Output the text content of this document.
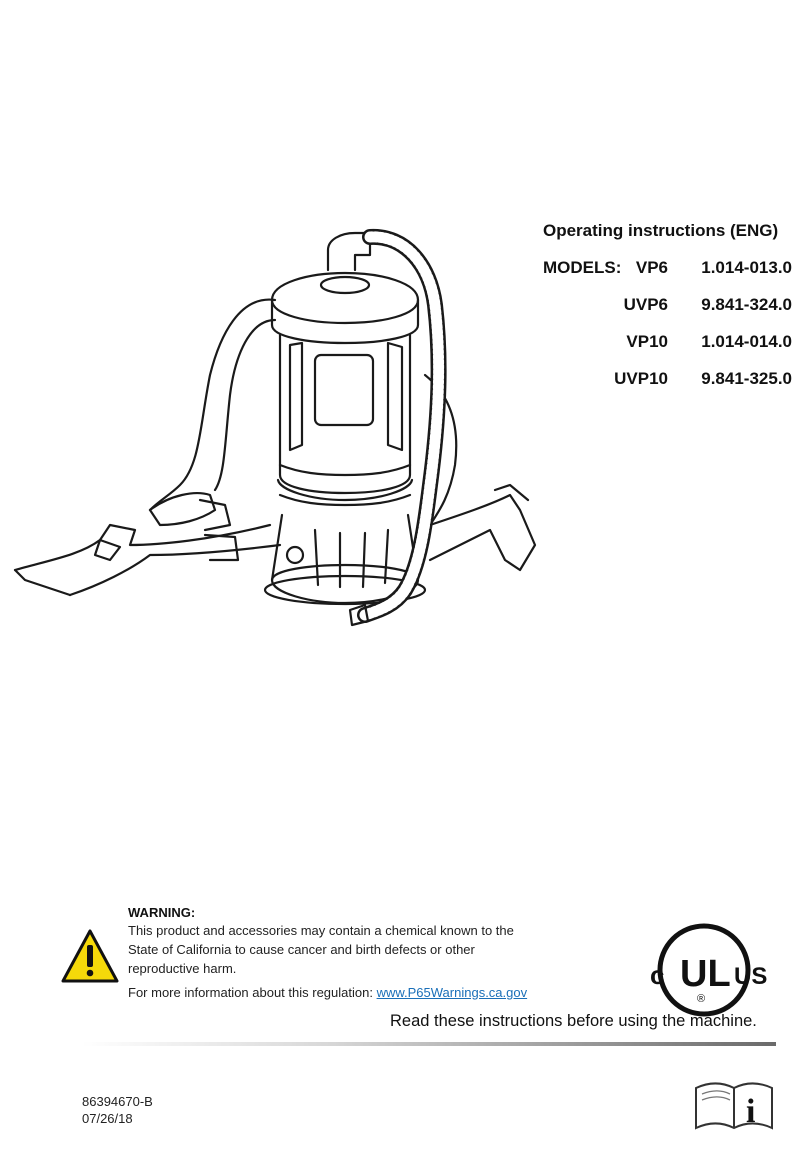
Operating instructions (ENG)
MODELS: VP6 1.014-013.0
UVP6 9.841-324.0
VP10 1.014-014.0
UVP10 9.841-325.0
WARNING:
This product and accessories may contain a chemical known to the State of California to cause cancer and birth defects or other reproductive harm.
For more information about this regulation: www.P65Warnings.ca.gov
c UL
®
US
Read these instructions before using the machine.
86394670-B
07/26/18	i
